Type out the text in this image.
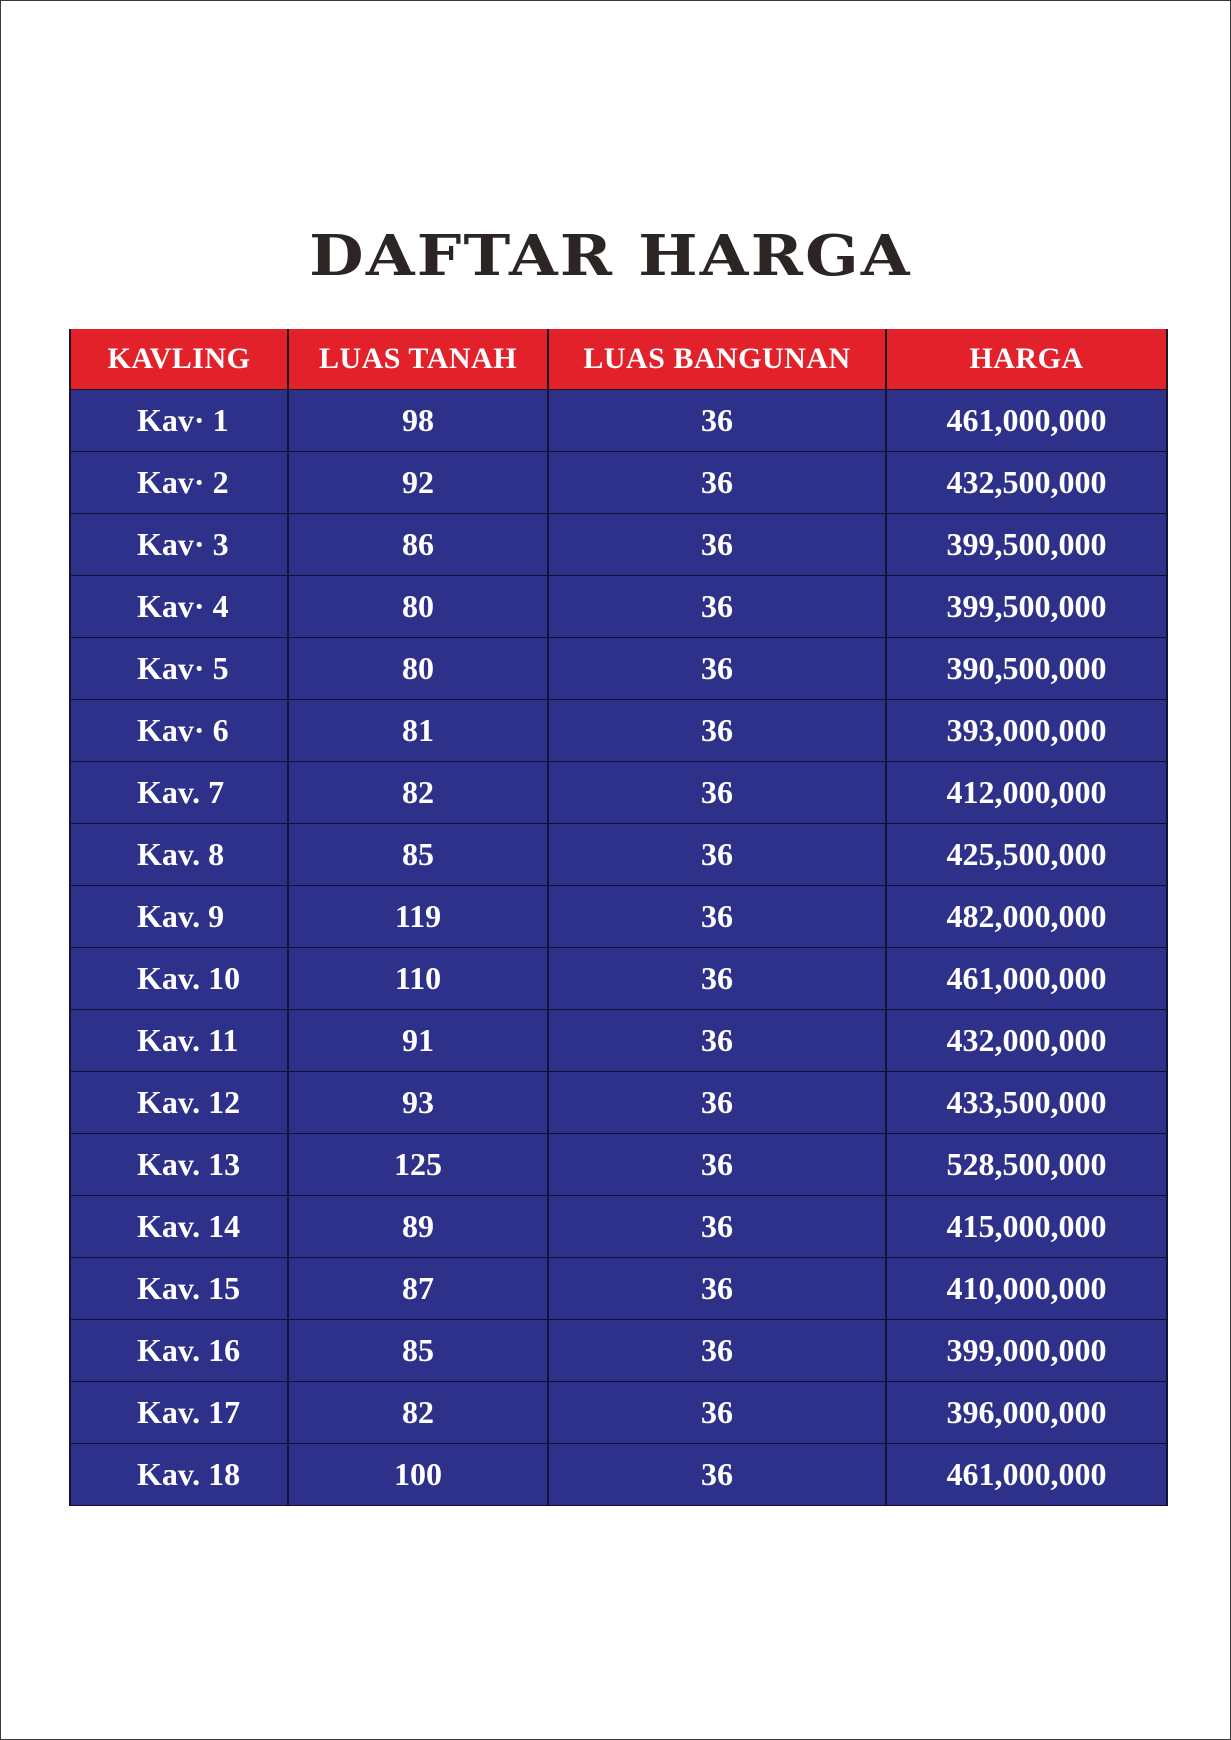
DAFTAR HARGA
KAVLING	LUAS TANAH	LUAS BANGUNAN	HARGA
Kav· 1	98	36	461,000,000
Kav· 2	92	36	432,500,000
Kav· 3	86	36	399,500,000
Kav· 4	80	36	399,500,000
Kav· 5	80	36	390,500,000
Kav· 6	81	36	393,000,000
Kav. 7	82	36	412,000,000
Kav. 8	85	36	425,500,000
Kav. 9	119	36	482,000,000
Kav. 10	110	36	461,000,000
Kav. 11	91	36	432,000,000
Kav. 12	93	36	433,500,000
Kav. 13	125	36	528,500,000
Kav. 14	89	36	415,000,000
Kav. 15	87	36	410,000,000
Kav. 16	85	36	399,000,000
Kav. 17	82	36	396,000,000
Kav. 18	100	36	461,000,000
